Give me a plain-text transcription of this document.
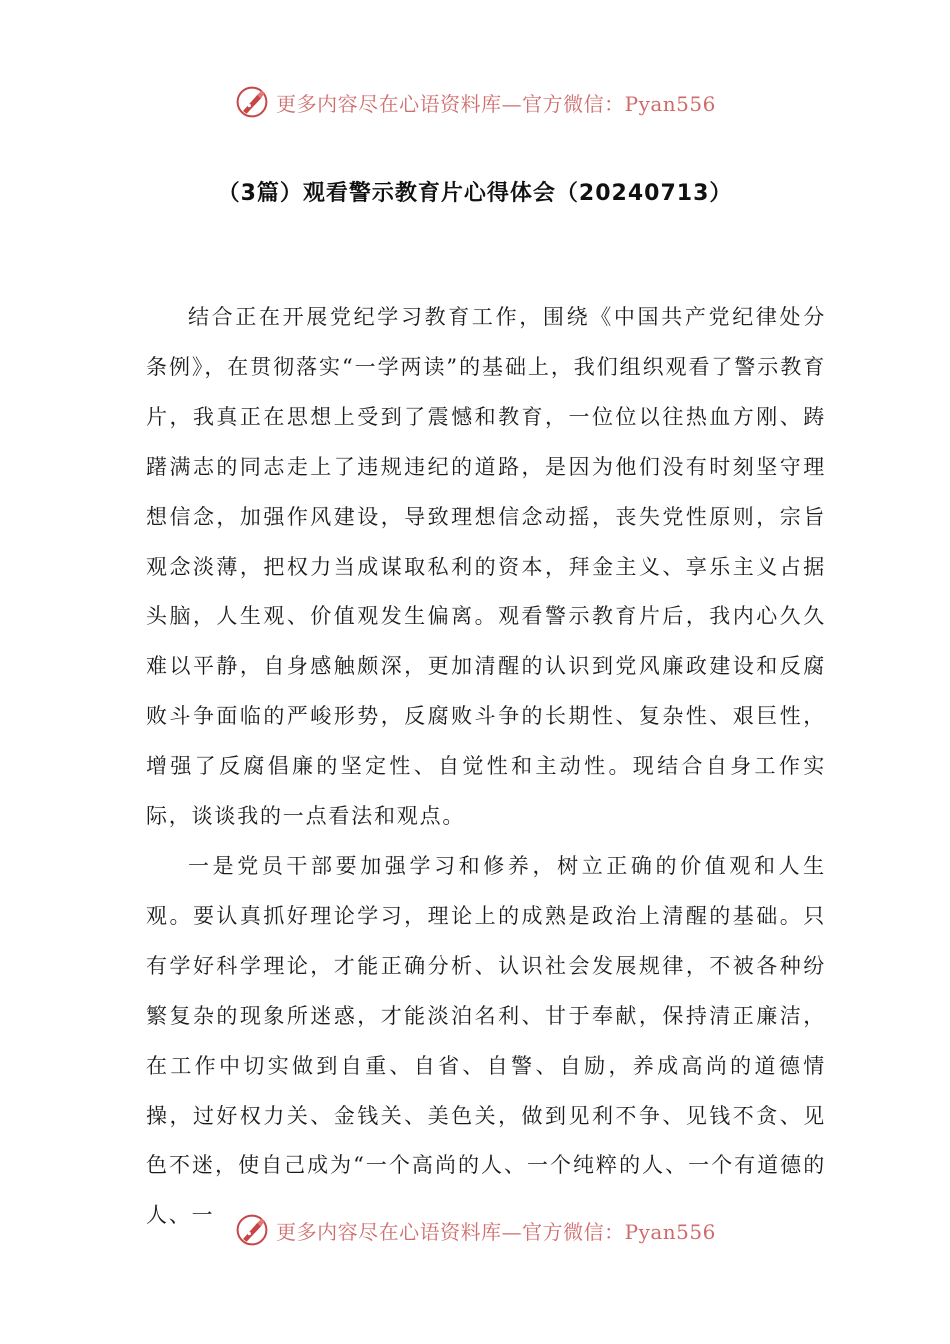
更多内容尽在心语资料库—官方微信：Pyan556
（3篇）观看警示教育片心得体会（20240713）

结合正在开展党纪学习教育工作，围绕《中国共产党纪律处分条例》，在贯彻落实“一学两读”的基础上，我们组织观看了警示教育片，我真正在思想上受到了震憾和教育，一位位以往热血方刚、踌躇满志的同志走上了违规违纪的道路，是因为他们没有时刻坚守理想信念，加强作风建设，导致理想信念动摇，丧失党性原则，宗旨观念淡薄，把权力当成谋取私利的资本，拜金主义、享乐主义占据头脑，人生观、价值观发生偏离。观看警示教育片后，我内心久久难以平静，自身感触颇深，更加清醒的认识到党风廉政建设和反腐败斗争面临的严峻形势，反腐败斗争的长期性、复杂性、艰巨性，增强了反腐倡廉的坚定性、自觉性和主动性。现结合自身工作实际，谈谈我的一点看法和观点。

一是党员干部要加强学习和修养，树立正确的价值观和人生观。要认真抓好理论学习，理论上的成熟是政治上清醒的基础。只有学好科学理论，才能正确分析、认识社会发展规律，不被各种纷繁复杂的现象所迷惑，才能淡泊名利、甘于奉献，保持清正廉洁，在工作中切实做到自重、自省、自警、自励，养成高尚的道德情操，过好权力关、金钱关、美色关，做到见利不争、见钱不贪、见色不迷，使自己成为“一个高尚的人、一个纯粹的人、一个有道德的人、一

更多内容尽在心语资料库—官方微信：Pyan556
